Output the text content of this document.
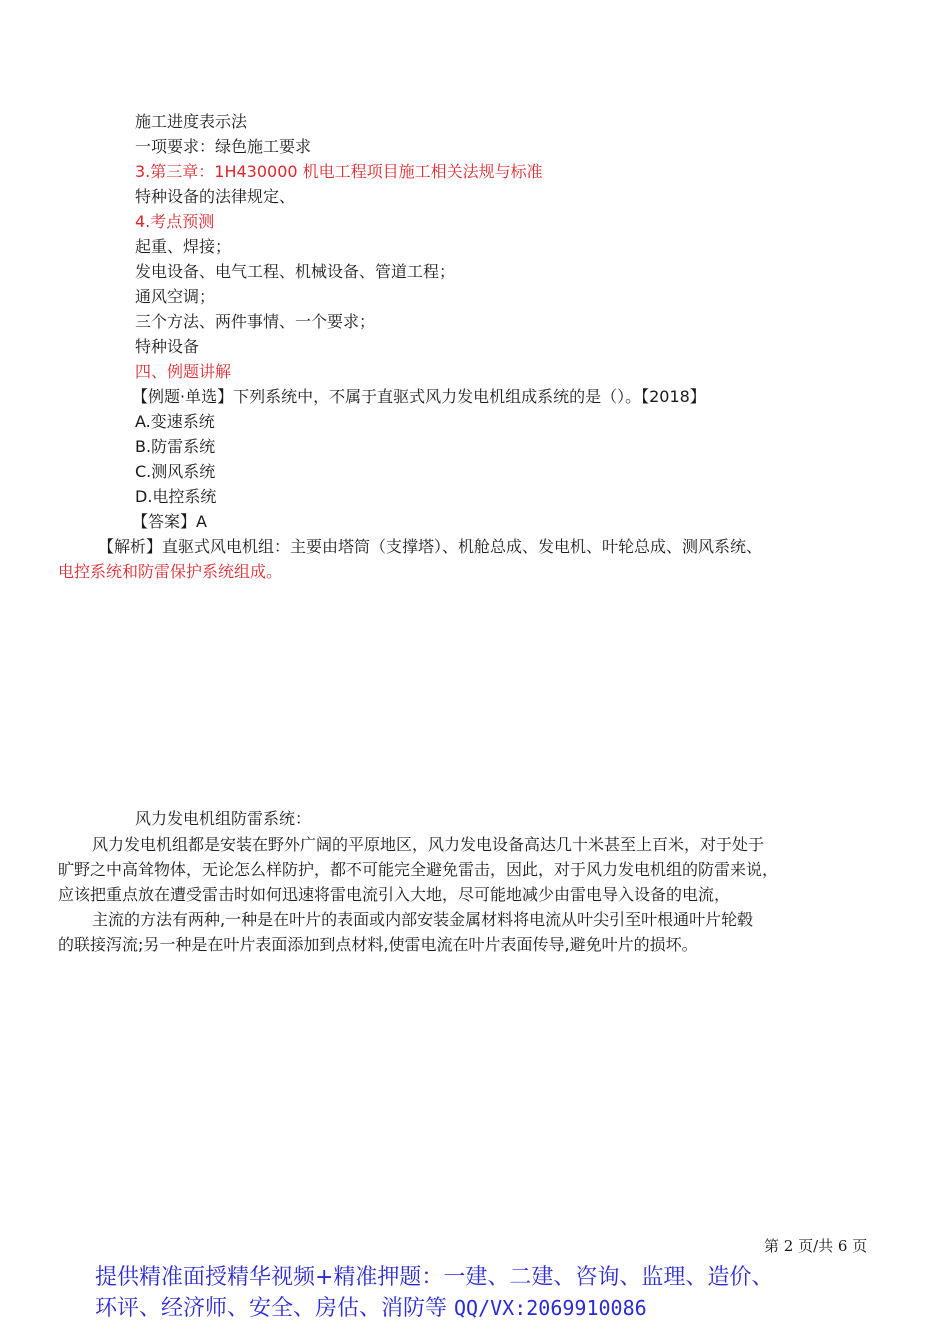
施工进度表示法
一项要求：绿色施工要求
3.第三章：1H430000 机电工程项目施工相关法规与标准
特种设备的法律规定、
4.考点预测
起重、焊接；
发电设备、电气工程、机械设备、管道工程；
通风空调；
三个方法、两件事情、一个要求；
特种设备
四、例题讲解
【例题·单选】下列系统中，不属于直驱式风力发电机组成系统的是（）。【2018】
A.变速系统
B.防雷系统
C.测风系统
D.电控系统
【答案】A
【解析】直驱式风电机组：主要由塔筒（支撑塔）、机舱总成、发电机、叶轮总成、测风系统、
电控系统和防雷保护系统组成。
风力发电机组防雷系统：
风力发电机组都是安装在野外广阔的平原地区，风力发电设备高达几十米甚至上百米，对于处于
旷野之中高耸物体，无论怎么样防护，都不可能完全避免雷击，因此，对于风力发电机组的防雷来说，
应该把重点放在遭受雷击时如何迅速将雷电流引入大地，尽可能地减少由雷电导入设备的电流，
主流的方法有两种,一种是在叶片的表面或内部安装金属材料将电流从叶尖引至叶根通叶片轮毂
的联接泻流;另一种是在叶片表面添加到点材料,使雷电流在叶片表面传导,避免叶片的损坏。
第 2 页/共 6 页
提供精准面授精华视频+精准押题：一建、二建、咨询、监理、造价、
环评、经济师、安全、房估、消防等 QQ/VX:2069910086
